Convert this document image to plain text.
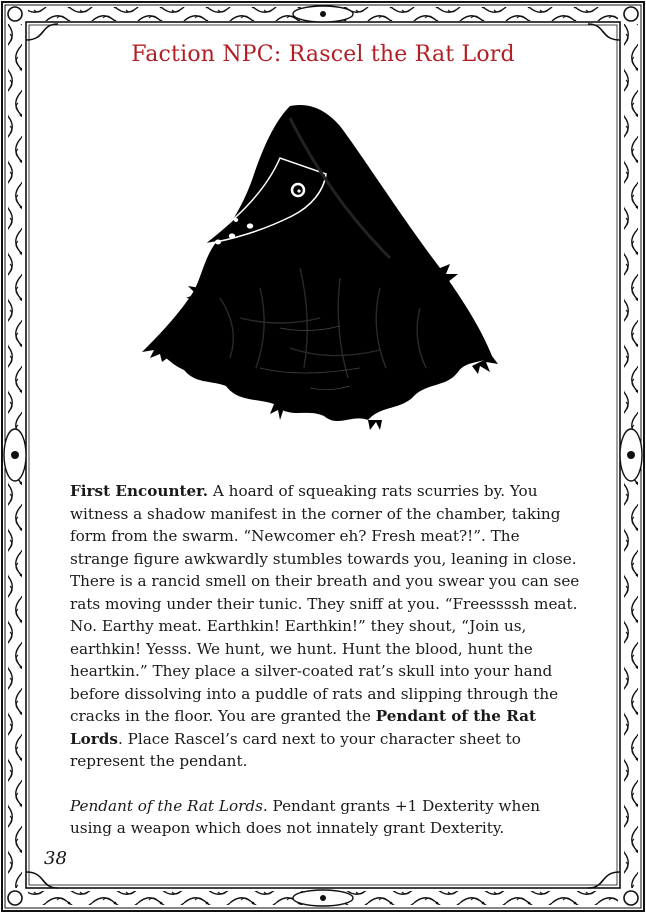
Faction NPC: Rascel the Rat Lord

First Encounter. A hoard of squeaking rats scurries by. You witness a shadow manifest in the corner of the chamber, taking form from the swarm. “Newcomer eh? Fresh meat?!”. The strange figure awkwardly stumbles towards you, leaning in close. There is a rancid smell on their breath and you swear you can see rats moving under their tunic. They sniff at you. “Freessssh meat. No. Earthy meat. Earthkin! Earthkin!” they shout, “Join us, earthkin! Yesss. We hunt, we hunt. Hunt the blood, hunt the heartkin.” They place a silver-coated rat’s skull into your hand before dissolving into a puddle of rats and slipping through the cracks in the floor. You are granted the Pendant of the Rat Lords. Place Rascel’s card next to your character sheet to represent the pendant.

Pendant of the Rat Lords. Pendant grants +1 Dexterity when using a weapon which does not innately grant Dexterity.

38
